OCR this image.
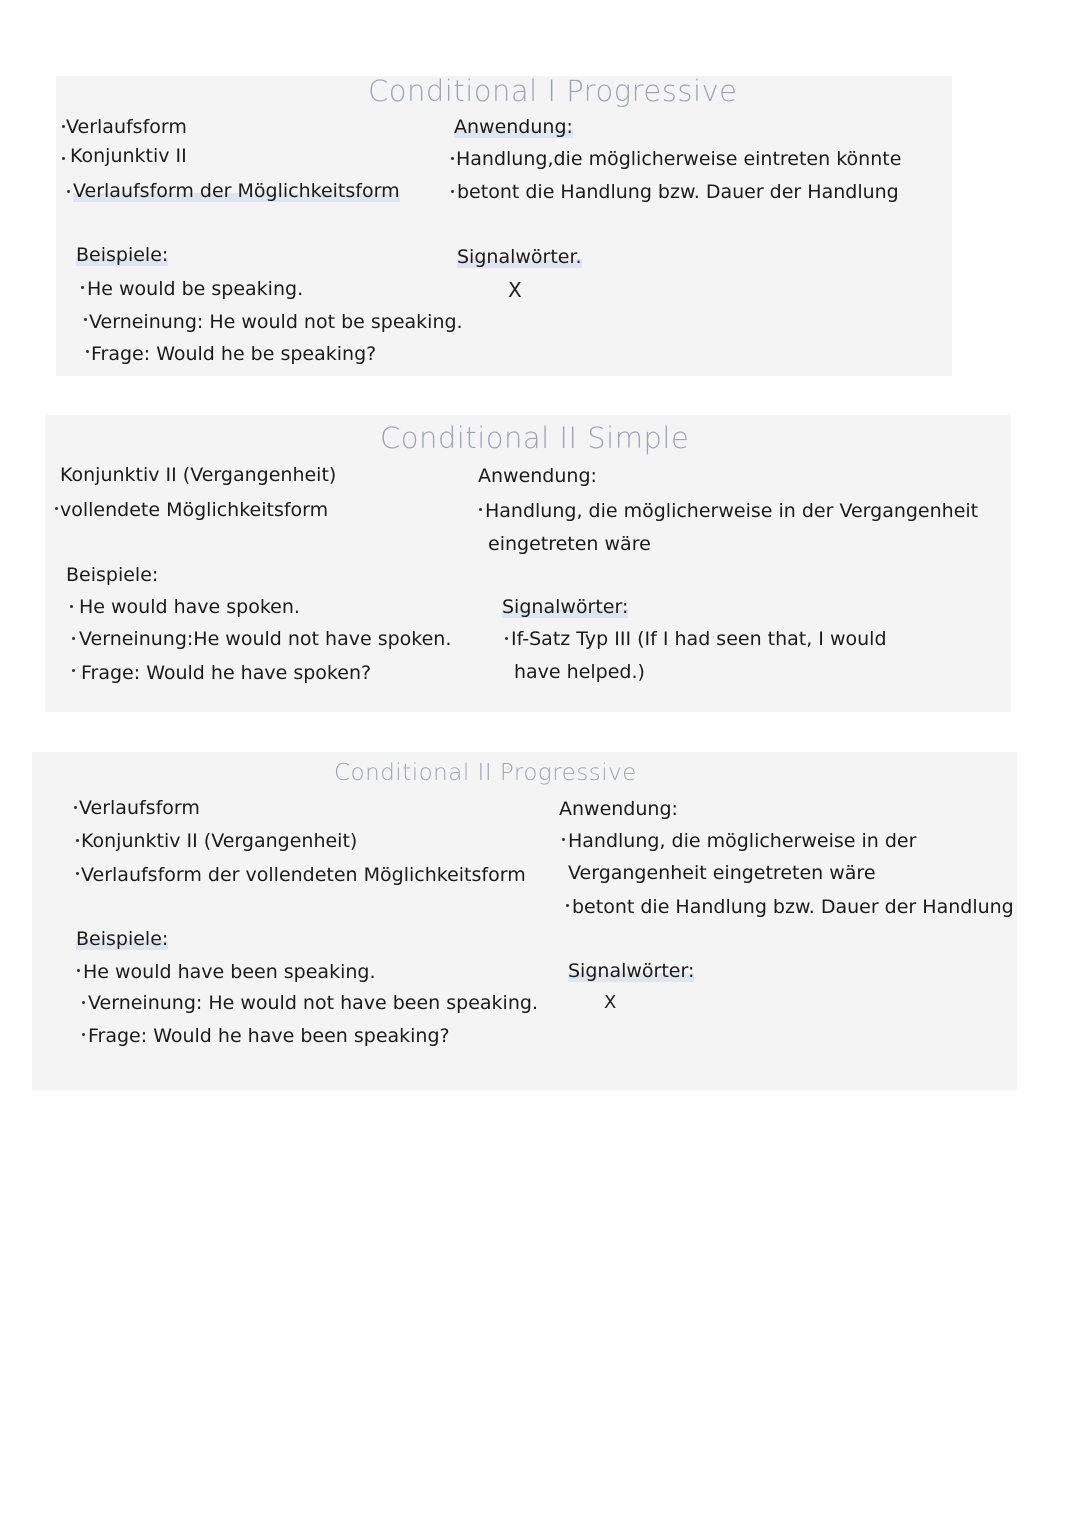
Conditional I Progressive
Verlaufsform
Konjunktiv II
Verlaufsform der Möglichkeitsform
Anwendung:
Handlung,die möglicherweise eintreten könnte
betont die Handlung bzw. Dauer der Handlung
Beispiele:
He would be speaking.
Verneinung: He would not be speaking.
Frage: Would he be speaking?
Signalwörter.
X
Conditional II Simple
Konjunktiv II (Vergangenheit)
vollendete Möglichkeitsform
Anwendung:
Handlung, die möglicherweise in der Vergangenheit
eingetreten wäre
Beispiele:
He would have spoken.
Verneinung:He would not have spoken.
Frage: Would he have spoken?
Signalwörter:
If-Satz Typ III (If I had seen that, I would
have helped.)
Conditional II Progressive
Verlaufsform
Konjunktiv II (Vergangenheit)
Verlaufsform der vollendeten Möglichkeitsform
Anwendung:
Handlung, die möglicherweise in der
Vergangenheit eingetreten wäre
betont die Handlung bzw. Dauer der Handlung
Beispiele:
He would have been speaking.
Verneinung: He would not have been speaking.
Frage: Would he have been speaking?
Signalwörter:
X
